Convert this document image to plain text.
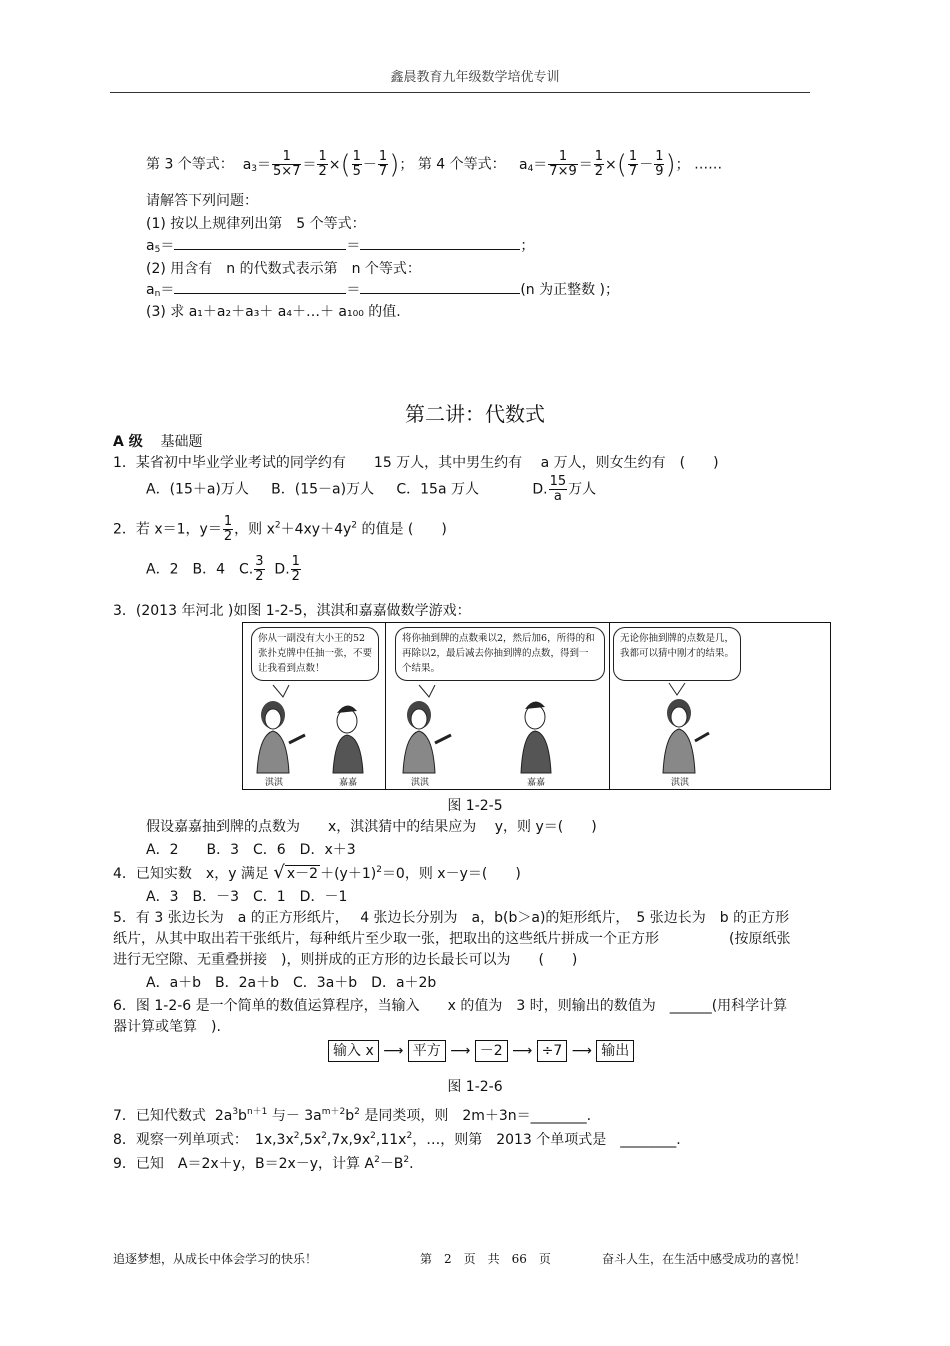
鑫晨教育九年级数学培优专训
第 3 个等式：  $a_3= \frac{1}{5\times 7} = \frac{1}{2}$ ×( $\frac{1}{5} - \frac{1}{7}$ )； 第 4 个等式：   $a_4= \frac{1}{7\times 9} = \frac{1}{2}$ ×( $\frac{1}{7} - \frac{1}{9}$ )； ……
请解答下列问题：
(1) 按以上规律列出第　5 个等式：
$a_5=$	＝	；
(2) 用含有　n 的代数式表示第　n 个等式：
$a_n=$	＝	(n 为正整数 )；
(3) 求 a₁＋a₂＋a₃＋ a₄＋…＋ a₁₀₀ 的值.
第二讲：代数式
A 级 基础题
1．某省初中毕业学业考试的同学约有　　15 万人，其中男生约有　 a 万人，则女生约有　(　　)
A．(15＋a)万人 B．(15－a)万人 C．15a 万人	D. $\frac{15}{a}$ 万人
2．若 x＝1，$y= \frac{1}{2}$ ，则 $x^2+4xy+4y^2$ 的值是 (　　)
A．2　B．4　C. $\frac{3}{2} D$. $\frac{1}{2}$
3．(2013 年河北 )如图 1-2-5，淇淇和嘉嘉做数学游戏：
你从一副没有大小王的52张扑克牌中任抽一张，不要让我看到点数！
淇淇	嘉嘉
将你抽到牌的点数乘以2，然后加6，所得的和再除以2，最后减去你抽到牌的点数，得到一个结果。
淇淇	嘉嘉
无论你抽到牌的点数是几，我都可以猜中刚才的结果。
淇淇
图 1-2-5
假设嘉嘉抽到牌的点数为　　x，淇淇猜中的结果应为　 y，则 y＝(　　)
A．2　　B．3　C．6　D．x＋3
4．已知实数　x，y 满足 √ $x-2 +(y+1)^2=0$，则 x－y＝(　　)
A．3　B．－3　C．1　D．－1
5．有 3 张边长为　a 的正方形纸片，　 4 张边长分别为　a，b(b＞a)的矩形纸片，　5 张边长为　b 的正方形
纸片，从其中取出若干张纸片，每种纸片至少取一张，把取出的这些纸片拼成一个正方形　　　　　(按原纸张
进行无空隙、无重叠拼接　)，则拼成的正方形的边长最长可以为　　(　　)
A．a＋b　B．2a＋b　C．3a＋b　D．a＋2b
6．图 1-2-6 是一个简单的数值运算程序，当输入　　x 的值为　3 时，则输出的数值为　______(用科学计算
器计算或笔算　).
输入 x ⟶ 平方 ⟶ －2 ⟶ ÷7 ⟶ 输出
图 1-2-6
7．已知代数式  $2a^3b^{n+1}$ 与－ $3a^{m+2}b^2$ 是同类项，则　2m＋3n＝________.
8．观察一列单项式：　$1x,3x^2,5x^2,7x,9x^2,11x^2$，…，则第　2013 个单项式是　________.
9．已知　A＝2x＋y，B＝2x－y，计算 $A^2-B^2$.
追逐梦想，从成长中体会学习的快乐！	第　2　页　共　66　页	奋斗人生，在生活中感受成功的喜悦！
